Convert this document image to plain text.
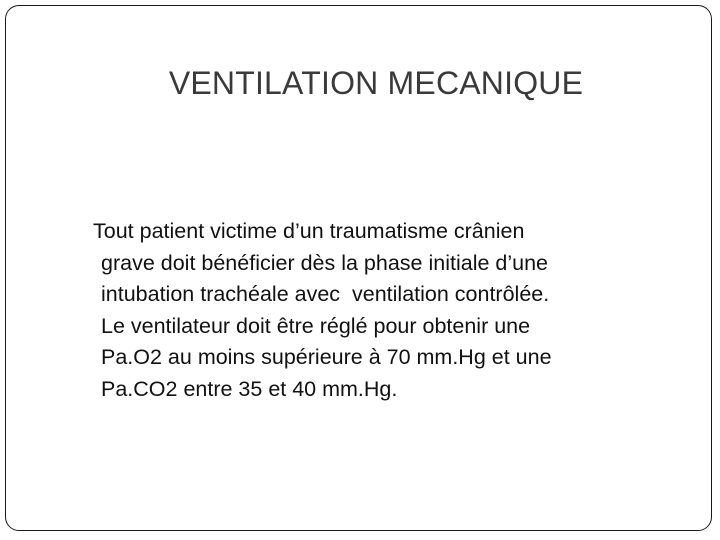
VENTILATION MECANIQUE
Tout patient victime d’un traumatisme crânien
grave doit bénéficier dès la phase initiale d’une
intubation trachéale avec  ventilation contrôlée.
Le ventilateur doit être réglé pour obtenir une
Pa.O2 au moins supérieure à 70 mm.Hg et une
Pa.CO2 entre 35 et 40 mm.Hg.
